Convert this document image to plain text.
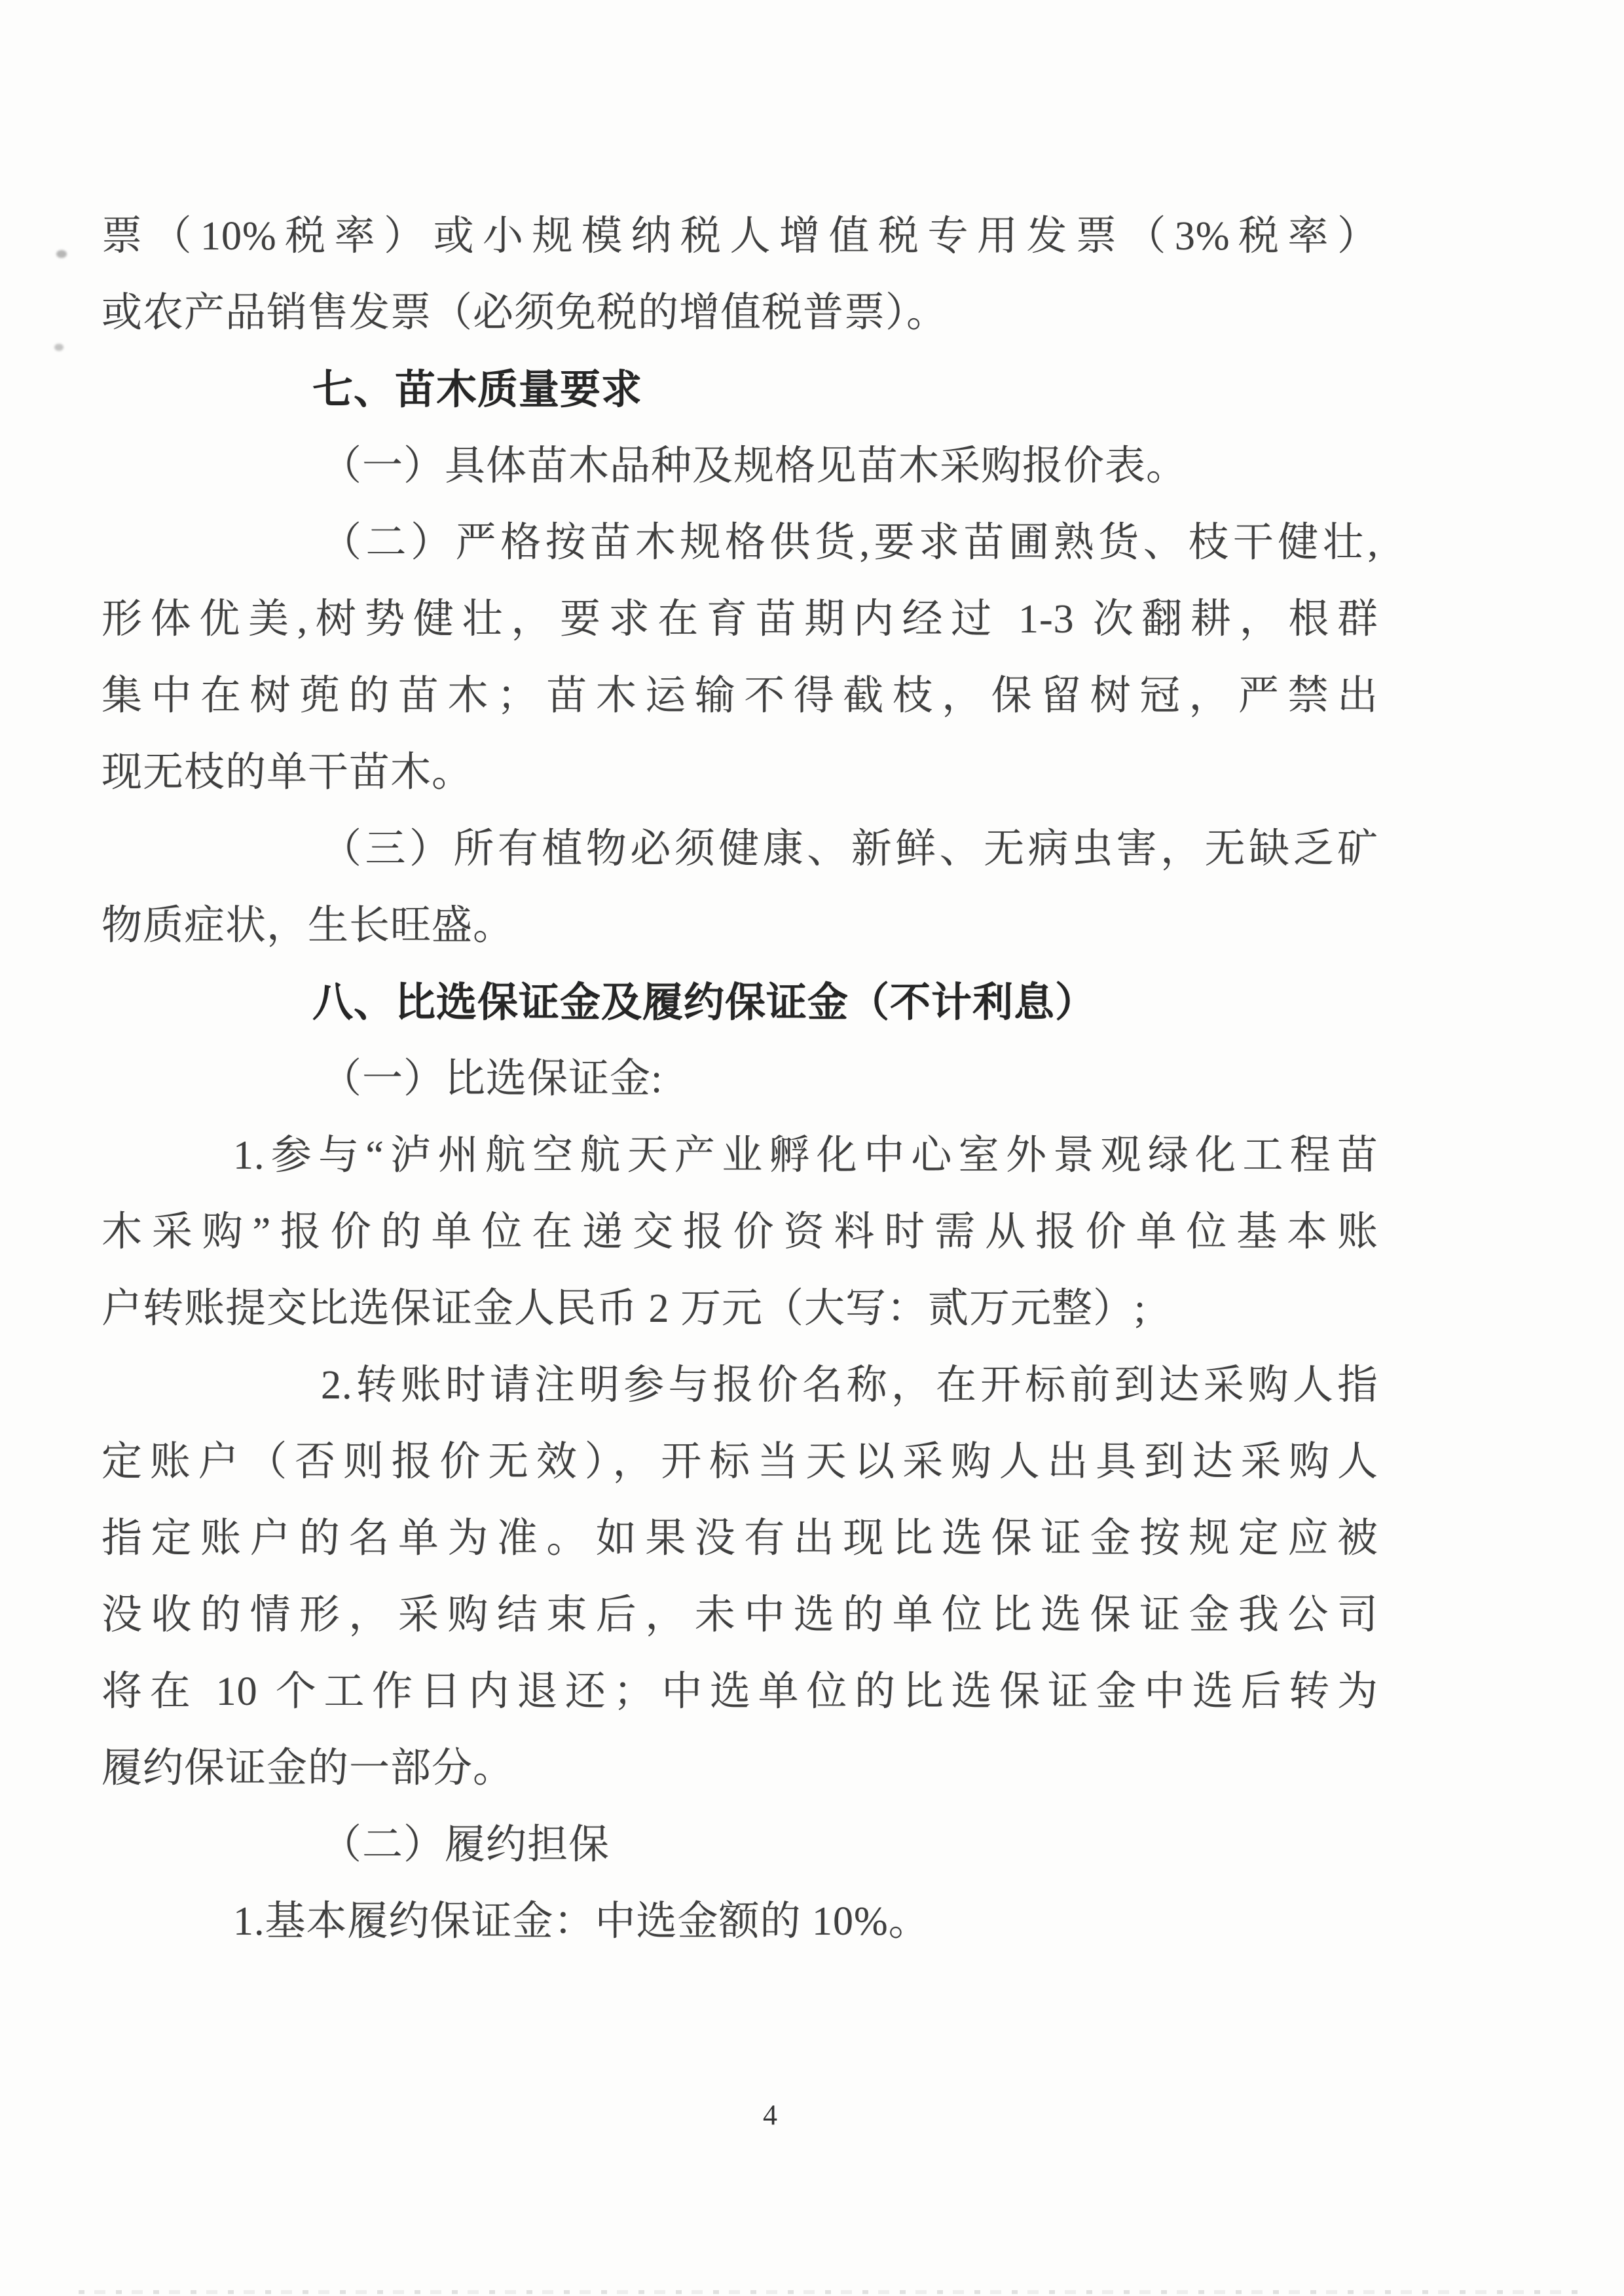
票（10%税率）或小规模纳税人增值税专用发票（3%税率）
或农产品销售发票（必须免税的增值税普票）。
七、苗木质量要求
（一）具体苗木品种及规格见苗木采购报价表。
（二）严格按苗木规格供货,要求苗圃熟货、枝干健壮,
形体优美,树势健壮，要求在育苗期内经过 1-3 次翻耕，根群
集中在树蔸的苗木；苗木运输不得截枝，保留树冠，严禁出
现无枝的单干苗木。
（三）所有植物必须健康、新鲜、无病虫害，无缺乏矿
物质症状，生长旺盛。
八、比选保证金及履约保证金（不计利息）
（一）比选保证金:
1.参与“泸州航空航天产业孵化中心室外景观绿化工程苗
木采购”报价的单位在递交报价资料时需从报价单位基本账
户转账提交比选保证金人民币 2 万元（大写：贰万元整）;
2.转账时请注明参与报价名称，在开标前到达采购人指
定账户（否则报价无效），开标当天以采购人出具到达采购人
指定账户的名单为准。如果没有出现比选保证金按规定应被
没收的情形，采购结束后，未中选的单位比选保证金我公司
将在 10 个工作日内退还；中选单位的比选保证金中选后转为
履约保证金的一部分。
（二）履约担保
1.基本履约保证金：中选金额的 10%。
4
